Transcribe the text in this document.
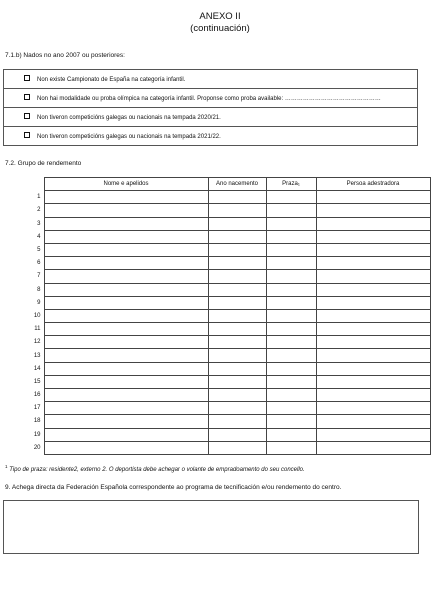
ANEXO II
(continuación)
7.1.b) Nados no ano 2007 ou posteriores:
Non existe Campionato de España na categoría infantil.
Non hai modalidade ou proba olímpica na categoría infantil. Proponse como proba available: …………………………………………
Non tiveron competicións galegas ou nacionais na tempada 2020/21.
Non tiveron competicións galegas ou nacionais na tempada 2021/22.
7.2. Grupo de rendemento
	Nome e apelidos	Ano nacemento	Praza₁	Persoa adestradora
1				
2				
3				
4				
5				
6				
7				
8				
9				
10				
11				
12				
13				
14				
15				
16				
17				
18				
19				
20				
$^1$ Tipo de praza: residente2, externo 2. O deportista debe achegar o volante de empradoamento do seu concello.
9. Achega directa da Federación Española correspondente ao programa de tecnificación e/ou rendemento do centro.
